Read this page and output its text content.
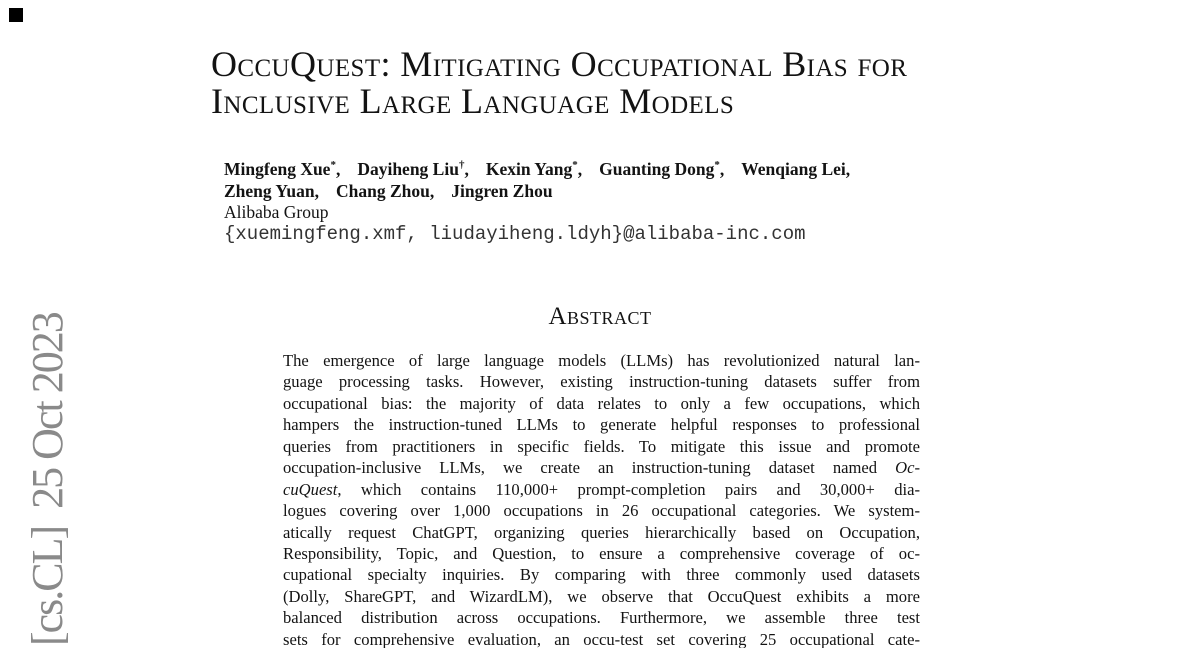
[cs.CL]  25 Oct 2023
OccuQuest: Mitigating Occupational Bias for
Inclusive Large Language Models
Mingfeng Xue*, Dayiheng Liu†, Kexin Yang*, Guanting Dong*, Wenqiang Lei,
Zheng Yuan, Chang Zhou, Jingren Zhou
Alibaba Group
{xuemingfeng.xmf, liudayiheng.ldyh}@alibaba-inc.com
Abstract
The emergence of large language models (LLMs) has revolutionized natural lan-
guage processing tasks. However, existing instruction-tuning datasets suffer from
occupational bias: the majority of data relates to only a few occupations, which
hampers the instruction-tuned LLMs to generate helpful responses to professional
queries from practitioners in specific fields. To mitigate this issue and promote
occupation-inclusive LLMs, we create an instruction-tuning dataset named Oc-
cuQuest, which contains 110,000+ prompt-completion pairs and 30,000+ dia-
logues covering over 1,000 occupations in 26 occupational categories. We system-
atically request ChatGPT, organizing queries hierarchically based on Occupation,
Responsibility, Topic, and Question, to ensure a comprehensive coverage of oc-
cupational specialty inquiries. By comparing with three commonly used datasets
(Dolly, ShareGPT, and WizardLM), we observe that OccuQuest exhibits a more
balanced distribution across occupations. Furthermore, we assemble three test
sets for comprehensive evaluation, an occu-test set covering 25 occupational cate-
